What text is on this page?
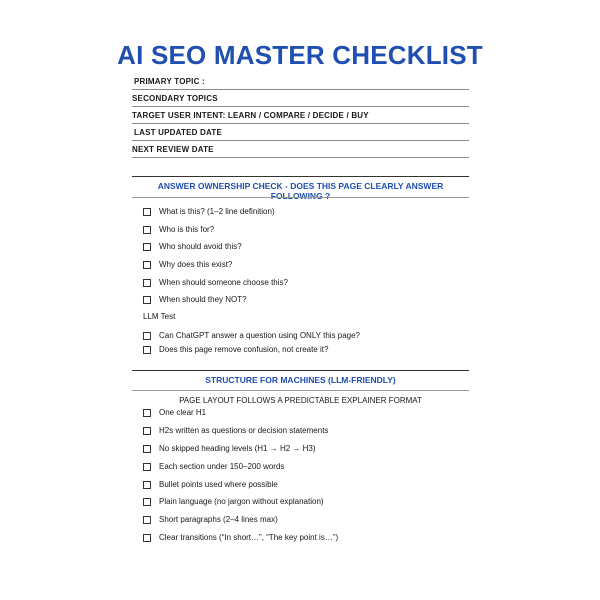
AI SEO MASTER CHECKLIST
PRIMARY TOPIC :
SECONDARY TOPICS
TARGET USER INTENT: LEARN / COMPARE / DECIDE / BUY
LAST UPDATED DATE
NEXT REVIEW DATE
ANSWER OWNERSHIP CHECK - DOES THIS PAGE CLEARLY ANSWER FOLLOWING ?
What is this? (1–2 line definition)
Who is this for?
Who should avoid this?
Why does this exist?
When should someone choose this?
When should they NOT?
LLM Test
Can ChatGPT answer a question using ONLY this page?
Does this page remove confusion, not create it?
STRUCTURE FOR MACHINES (LLM-FRIENDLY)
PAGE LAYOUT FOLLOWS A PREDICTABLE EXPLAINER FORMAT
One clear H1
H2s written as questions or decision statements
No skipped heading levels (H1 → H2 → H3)
Each section under 150–200 words
Bullet points used where possible
Plain language (no jargon without explanation)
Short paragraphs (2–4 lines max)
Clear transitions (“In short…”, “The key point is…”)
